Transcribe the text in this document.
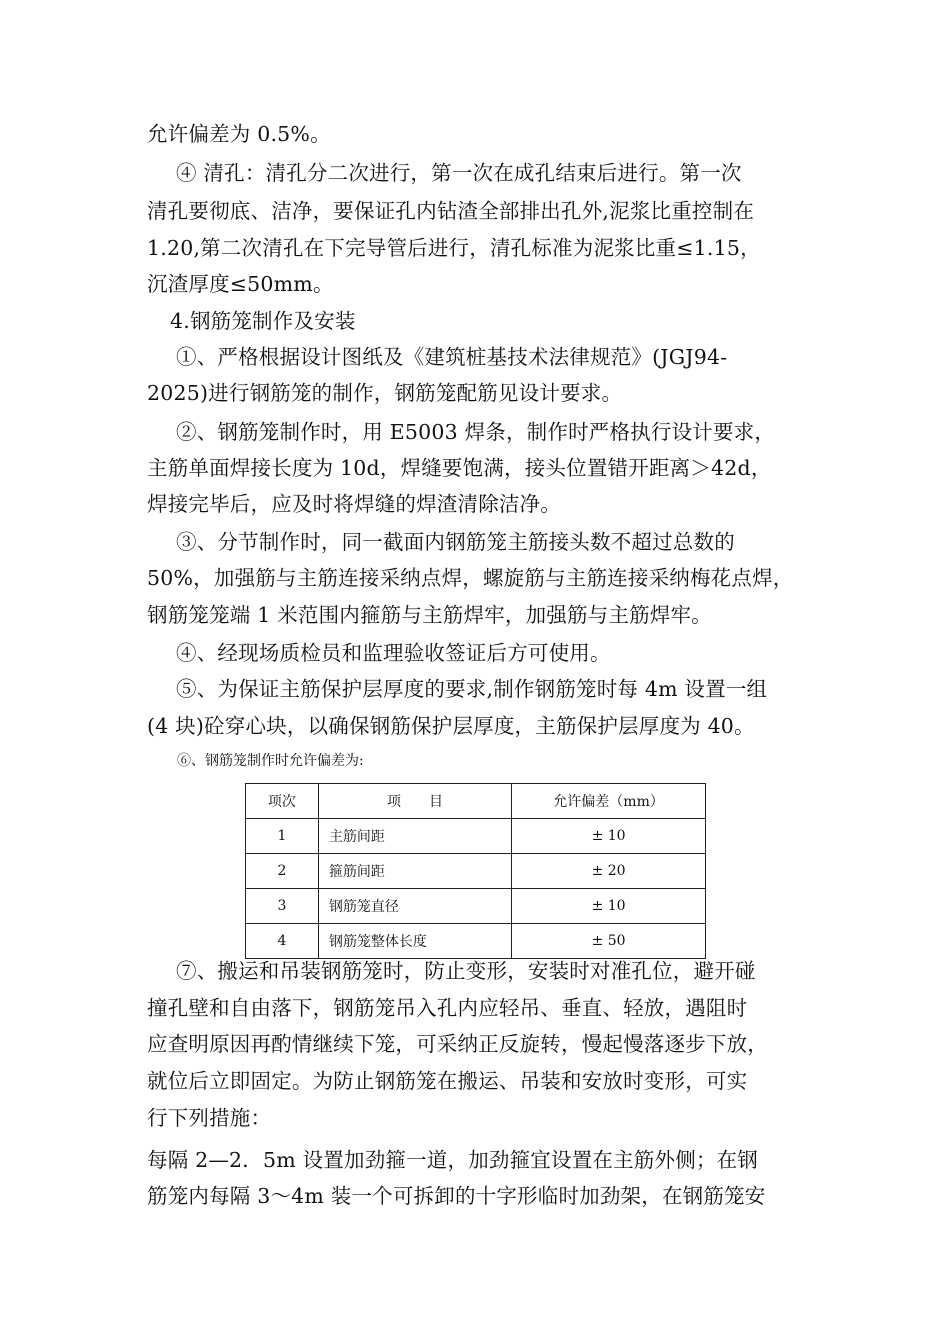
允许偏差为 0.5%。
④ 清孔：清孔分二次进行，第一次在成孔结束后进行。第一次
清孔要彻底、洁净，要保证孔内钻渣全部排出孔外,泥浆比重控制在
1.20,第二次清孔在下完导管后进行，清孔标准为泥浆比重≤1.15，
沉渣厚度≤50mm。
4.钢筋笼制作及安装
①、严格根据设计图纸及《建筑桩基技术法律规范》(JGJ94-
2025)进行钢筋笼的制作，钢筋笼配筋见设计要求。
②、钢筋笼制作时，用 E5003 焊条，制作时严格执行设计要求，
主筋单面焊接长度为 10d，焊缝要饱满，接头位置错开距离＞42d，
焊接完毕后，应及时将焊缝的焊渣清除洁净。
③、分节制作时，同一截面内钢筋笼主筋接头数不超过总数的
50%，加强筋与主筋连接采纳点焊，螺旋筋与主筋连接采纳梅花点焊，
钢筋笼笼端 1 米范围内箍筋与主筋焊牢，加强筋与主筋焊牢。
④、经现场质检员和监理验收签证后方可使用。
⑤、为保证主筋保护层厚度的要求,制作钢筋笼时每 4m 设置一组
(4 块)砼穿心块，以确保钢筋保护层厚度，主筋保护层厚度为 40。
⑥、钢筋笼制作时允许偏差为:
项次	项　　目	允许偏差（mm）
1	主筋间距	± 10
2	箍筋间距	± 20
3	钢筋笼直径	± 10
4	钢筋笼整体长度	± 50
⑦、搬运和吊装钢筋笼时，防止变形，安装时对准孔位，避开碰
撞孔壁和自由落下，钢筋笼吊入孔内应轻吊、垂直、轻放，遇阻时
应查明原因再酌情继续下笼，可采纳正反旋转，慢起慢落逐步下放，
就位后立即固定。为防止钢筋笼在搬运、吊装和安放时变形，可实
行下列措施：
每隔 2—2．5m 设置加劲箍一道，加劲箍宜设置在主筋外侧；在钢
筋笼内每隔 3～4m 装一个可拆卸的十字形临时加劲架，在钢筋笼安
